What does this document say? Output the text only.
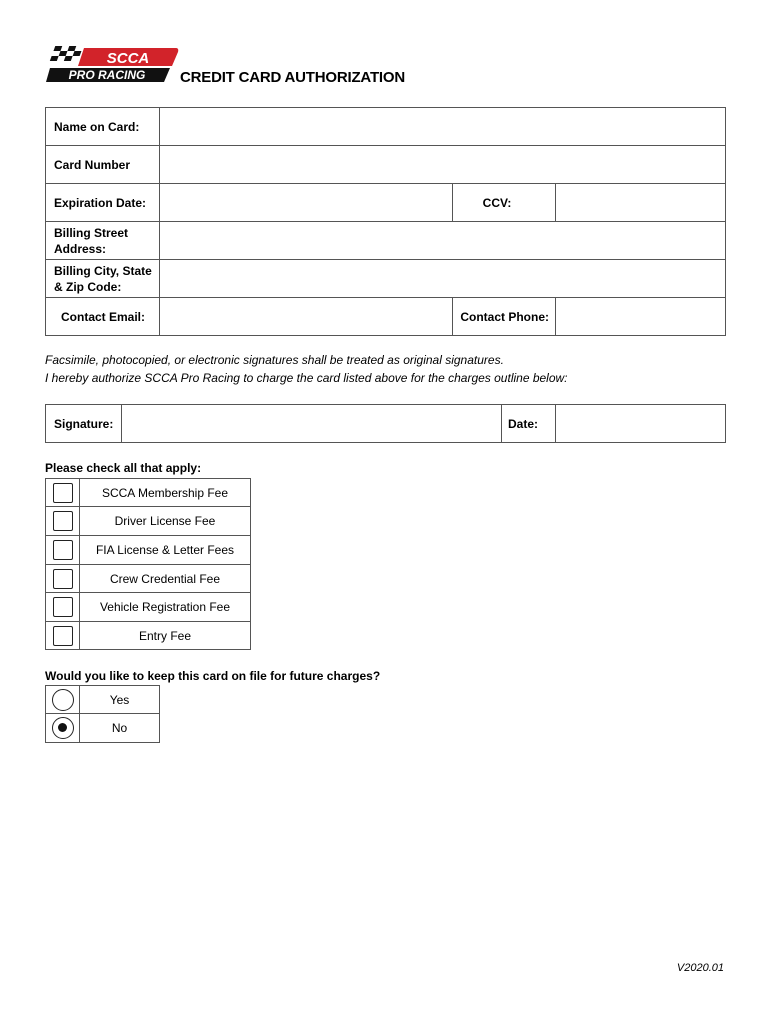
SCCA
PRO RACING CREDIT CARD AUTHORIZATION
Name on Card:			
Card Number			
Expiration Date:		CCV:	
Billing Street Address:			
Billing City, State & Zip Code:			
Contact Email:		Contact Phone:	
Facsimile, photocopied, or electronic signatures shall be treated as original signatures.
I hereby authorize SCCA Pro Racing to charge the card listed above for the charges outline below:
Signature:		Date:	
Please check all that apply:
	SCCA Membership Fee

	Driver License Fee

	FIA License & Letter Fees

	Crew Credential Fee

	Vehicle Registration Fee

	Entry Fee
Would you like to keep this card on file for future charges?
	Yes

	No
V2020.01
